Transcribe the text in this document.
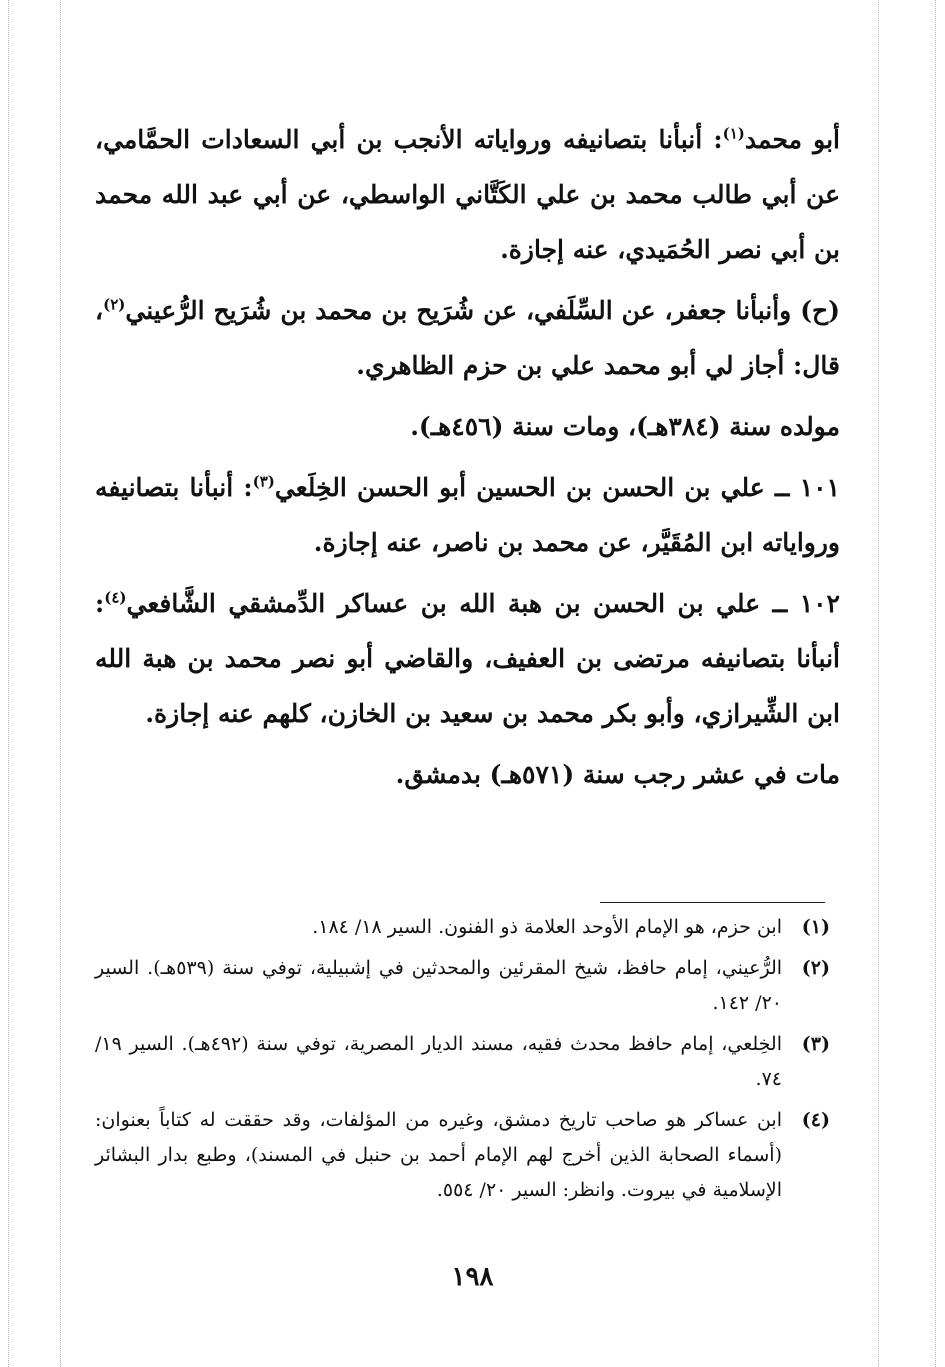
أبو محمد$^{(١)}$: أنبأنا بتصانيفه ورواياته الأنجب بن أبي السعادات الحمَّامي، عن أبي طالب محمد بن علي الكَتَّاني الواسطي، عن أبي عبد الله محمد بن أبي نصر الحُمَيدي، عنه إجازة.

(ح) وأنبأنا جعفر، عن السِّلَفي، عن شُرَيح بن محمد بن شُرَيح الرُّعيني$^{(٢)}$، قال: أجاز لي أبو محمد علي بن حزم الظاهري.

مولده سنة (٣٨٤هـ)، ومات سنة (٤٥٦هـ).

١٠١ ــ علي بن الحسن بن الحسين أبو الحسن الخِلَعي$^{(٣)}$: أنبأنا بتصانيفه ورواياته ابن المُقَيَّر، عن محمد بن ناصر، عنه إجازة.

١٠٢ ــ علي بن الحسن بن هبة الله بن عساكر الدِّمشقي الشَّافعي$^{(٤)}$: أنبأنا بتصانيفه مرتضى بن العفيف، والقاضي أبو نصر محمد بن هبة الله ابن الشِّيرازي، وأبو بكر محمد بن سعيد بن الخازن، كلهم عنه إجازة.

مات في عشر رجب سنة (٥٧١هـ) بدمشق.

(١)
ابن حزم، هو الإمام الأوحد العلامة ذو الفنون. السير ١٨/ ١٨٤.
(٢)
الرُّعيني، إمام حافظ، شيخ المقرئين والمحدثين في إشبيلية، توفي سنة (٥٣٩هـ). السير ٢٠/ ١٤٢.
(٣)
الخِلعي، إمام حافظ محدث فقيه، مسند الديار المصرية، توفي سنة (٤٩٢هـ). السير ١٩/ ٧٤.
(٤)
ابن عساكر هو صاحب تاريخ دمشق، وغيره من المؤلفات، وقد حققت له كتاباً بعنوان: (أسماء الصحابة الذين أخرج لهم الإمام أحمد بن حنبل في المسند)، وطبع بدار البشائر الإسلامية في بيروت. وانظر: السير ٢٠/ ٥٥٤.
١٩٨
